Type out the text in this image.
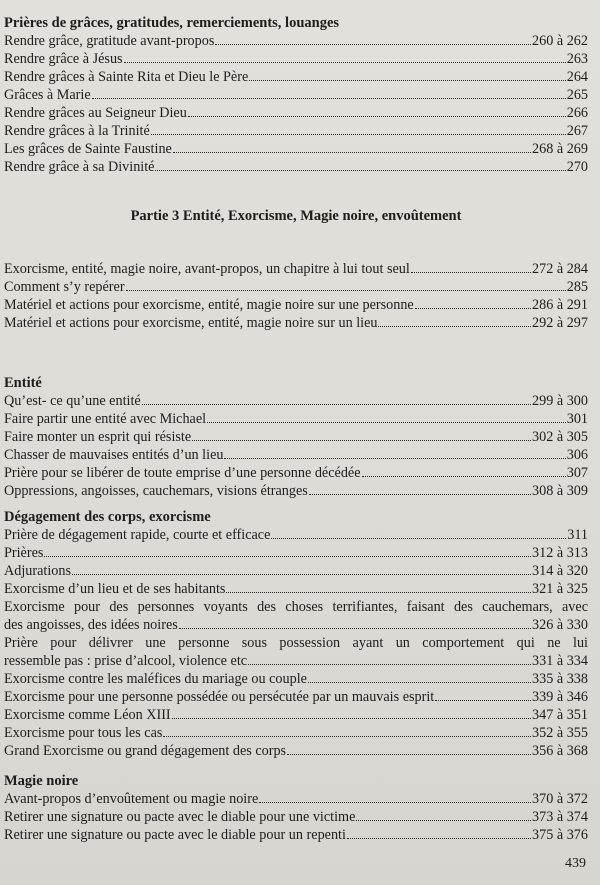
Prières de grâces, gratitudes, remerciements, louanges
Rendre grâce, gratitude avant-propos	260 à 262
Rendre grâce à Jésus	263
Rendre grâces à Sainte Rita et Dieu le Père	264
Grâces à Marie	265
Rendre grâces au Seigneur Dieu	266
Rendre grâces à la Trinité	267
Les grâces de Sainte Faustine	268 à 269
Rendre grâce à sa Divinité	270
Partie 3 Entité, Exorcisme, Magie noire, envoûtement
Exorcisme, entité, magie noire, avant-propos, un chapitre à lui tout seul	272 à 284
Comment s’y repérer	285
Matériel et actions pour exorcisme, entité, magie noire sur une personne	286 à 291
Matériel et actions pour exorcisme, entité, magie noire sur un lieu	292 à 297
Entité
Qu’est- ce qu’une entité	299 à 300
Faire partir une entité avec Michael	301
Faire monter un esprit qui résiste	302 à 305
Chasser de mauvaises entités d’un lieu	306
Prière pour se libérer de toute emprise d’une personne décédée	307
Oppressions, angoisses, cauchemars, visions étranges	308 à 309
Dégagement des corps, exorcisme
Prière de dégagement rapide, courte et efficace	311
Prières	312 à 313
Adjurations	314 à 320
Exorcisme d’un lieu et de ses habitants	321 à 325
Exorcisme pour des personnes voyants des choses terrifiantes, faisant des cauchemars, avec
des angoisses, des idées noires	326 à 330
Prière pour délivrer une personne sous possession ayant un comportement qui ne lui
ressemble pas : prise d’alcool, violence etc	331 à 334
Exorcisme contre les maléfices du mariage ou couple	335 à 338
Exorcisme pour une personne possédée ou persécutée par un mauvais esprit	339 à 346
Exorcisme comme Léon XIII	347 à 351
Exorcisme pour tous les cas	352 à 355
Grand Exorcisme ou grand dégagement des corps	356 à 368
Magie noire
Avant-propos d’envoûtement ou magie noire	370 à 372
Retirer une signature ou pacte avec le diable pour une victime	373 à 374
Retirer une signature ou pacte avec le diable pour un repenti	375 à 376
439
